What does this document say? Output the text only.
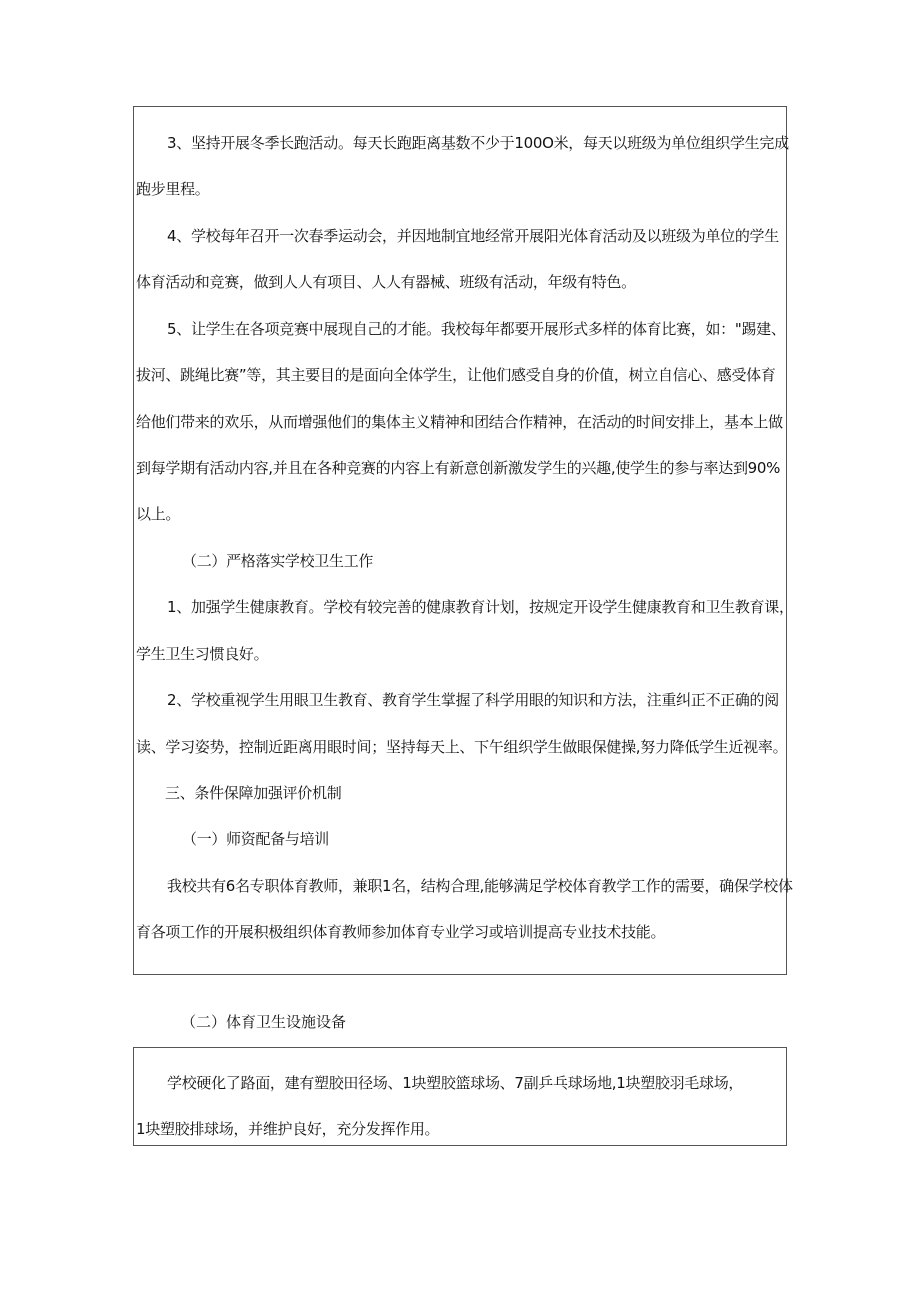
3、坚持开展冬季长跑活动。每天长跑距离基数不少于100O米，每天以班级为单位组织学生完成
跑步里程。
4、学校每年召开一次春季运动会，并因地制宜地经常开展阳光体育活动及以班级为单位的学生
体育活动和竞赛，做到人人有项目、人人有器械、班级有活动，年级有特色。
5、让学生在各项竞赛中展现自己的才能。我校每年都要开展形式多样的体育比赛，如："踢建、
拔河、跳绳比赛”等，其主要目的是面向全体学生，让他们感受自身的价值，树立自信心、感受体育
给他们带来的欢乐，从而增强他们的集体主义精神和团结合作精神，在活动的时间安排上，基本上做
到每学期有活动内容,并且在各种竞赛的内容上有新意创新激发学生的兴趣,使学生的参与率达到90%
以上。
（二）严格落实学校卫生工作
1、加强学生健康教育。学校有较完善的健康教育计划，按规定开设学生健康教育和卫生教育课，
学生卫生习惯良好。
2、学校重视学生用眼卫生教育、教育学生掌握了科学用眼的知识和方法，注重纠正不正确的阅
读、学习姿势，控制近距离用眼时间；坚持每天上、下午组织学生做眼保健操,努力降低学生近视率。
三、条件保障加强评价机制
（一）师资配备与培训
我校共有6名专职体育教师，兼职1名，结构合理,能够满足学校体育教学工作的需要，确保学校体
育各项工作的开展积极组织体育教师参加体育专业学习或培训提高专业技术技能。
（二）体育卫生设施设备
学校硬化了路面，建有塑胶田径场、1块塑胶篮球场、7副乒乓球场地,1块塑胶羽毛球场，
1块塑胶排球场，并维护良好，充分发挥作用。
